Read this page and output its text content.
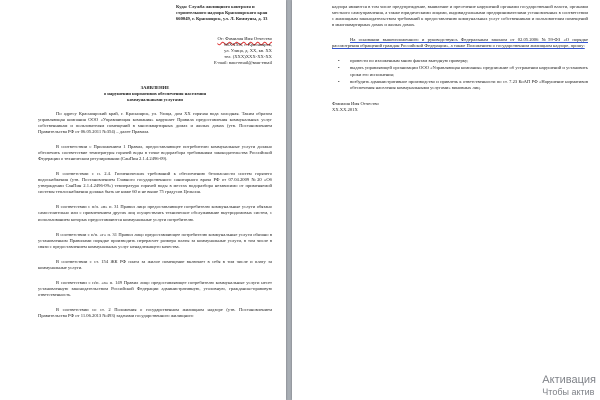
Куда: Служба жилищного контроля и
строительного надзора Красноярского края
660049, г. Красноярск, ул. Л. Коммуны, д. 33
От: Фамилия Имя Отчество
66ХХХХ, г. Красноярск,
ул. Улица, д. ХХ, кв. ХХ
тел. (ХХХ)ХХХ-ХХ-ХХ
E-mail: ваш-email@ваш-email
ЗАЯВЛЕНИЕ
о нарушении нормативов обеспечения населения
коммунальными услугами

По адресу Красноярский край, г. Красноярск, ул. Улица, дом ХХ горячая вода холодная. Таким образом управляющая компания ООО «Управляющая компания» нарушает Правила предоставления коммунальных услуг собственникам и пользователям помещений в многоквартирных домах и жилых домах (утв. Постановлением Правительства РФ от 06.05.2011 №354) – далее Правила.

В соответствии с Приложением 1 Правил, предоставляющее потребителю коммунальные услуги должно обеспечить соответствие температуры горячей воды в точке водоразбора требованиям законодательства Российской Федерации о техническом регулировании (СанПин 2.1.4.2496-09).

В соответствии с п. 2.4. Гигиенических требований к обеспечению безопасности систем горячего водоснабжения (утв. Постановлением Главного государственного санитарного врача РФ от 07.04.2009 №20 «Об утверждении СанПин 2.1.4.2496-09») температура горячей воды в местах водоразбора независимо от применяемой системы теплоснабжения должна быть не ниже 60 и не выше 75 градусов Цельсия.

В соответствии с п/п. «в» п. 31 Правил лицо предоставляющее потребителю коммунальные услуги обязано самостоятельно или с привлечением других лиц осуществлять техническое обслуживание внутридомовых систем, с использованием которых предоставляются коммунальные услуги потребителю.

В соответствии с п/п. «г» п. 31 Правил лицо предоставляющее потребителю коммунальные услуги обязано в установленном Правилами порядке производить перерасчет размера платы за коммунальные услуги, в том числе в связи с предоставлением коммунальных услуг ненадлежащего качества.

В соответствии с ст. 154 ЖК РФ плата за жилое помещение включает в себя в том числе и плату за коммунальные услуги.

В соответствии с п/п. «а» п. 149 Правил лицо предоставляющее потребителю коммунальные услуги несет установленную законодательством Российской Федерации административную, уголовную, гражданско-правовую ответственность.

В соответствии со ст. 2 Положения о государственном жилищном надзоре (утв. Постановлением Правительства РФ от 11.06.2013 №493) задачами государственного жилищного

надзора являются в том числе предупреждение, выявление и пресечение нарушений органами государственной власти, органами местного самоуправления, а также юридическими лицами, индивидуальными предпринимателями установленных в соответствии с жилищным законодательством требований к предоставлению коммунальных услуг собственникам и пользователям помещений в многоквартирных домах и жилых домах.
На основании вышеизложенного и руководствуясь Федеральным законом от 02.05.2006 №59-ФЗ «О порядке рассмотрения обращений граждан Российской Федерации», а также Положением о государственном жилищном надзоре, прошу:
• провести по изложенным мною фактам выездную проверку;
• выдать управляющей организации ООО «Управляющая компания» предписание об устранении нарушений и установить сроки его исполнения;
• возбудить административное производство и привлечь к ответственности по ст. 7.23 КоАП РФ «Нарушение нормативов обеспечения населения коммунальными услугами» виновных лиц.
Фамилия Имя Отчество
ХХ.ХХ.201Х
Активация
Чтобы актив
